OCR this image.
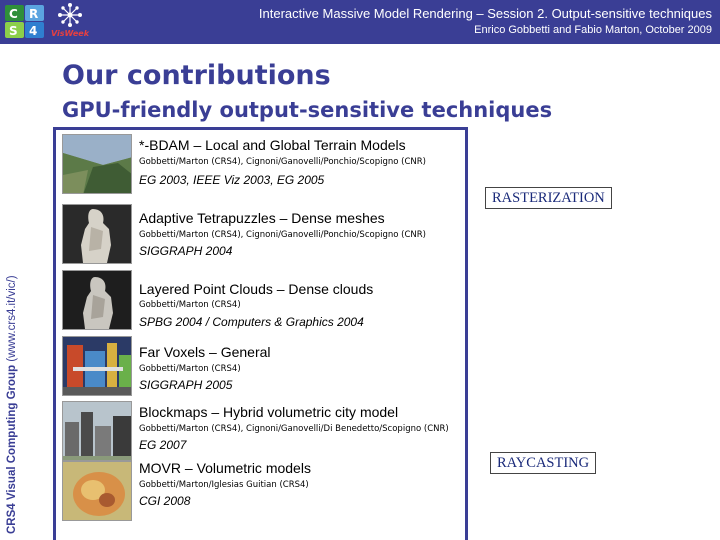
C R
S 4	VisWeek
Interactive Massive Model Rendering – Session 2. Output-sensitive techniques
Enrico Gobbetti and Fabio Marton, October 2009
CRS4 Visual Computing Group (www.crs4.it/vic/)
Our contributions
GPU-friendly output-sensitive techniques
*-BDAM – Local and Global Terrain Models
Gobbetti/Marton (CRS4), Cignoni/Ganovelli/Ponchio/Scopigno (CNR)
EG 2003, IEEE Viz 2003, EG 2005
Adaptive Tetrapuzzles – Dense meshes
Gobbetti/Marton (CRS4), Cignoni/Ganovelli/Ponchio/Scopigno (CNR)
SIGGRAPH 2004
Layered Point Clouds – Dense clouds
Gobbetti/Marton (CRS4)
SPBG 2004 / Computers & Graphics 2004
Far Voxels – General
Gobbetti/Marton (CRS4)
SIGGRAPH 2005
Blockmaps – Hybrid volumetric city model
Gobbetti/Marton (CRS4), Cignoni/Ganovelli/Di Benedetto/Scopigno (CNR)
EG 2007
MOVR – Volumetric models
Gobbetti/Marton/Iglesias Guitian (CRS4)
CGI 2008
RASTERIZATION
RAYCASTING
